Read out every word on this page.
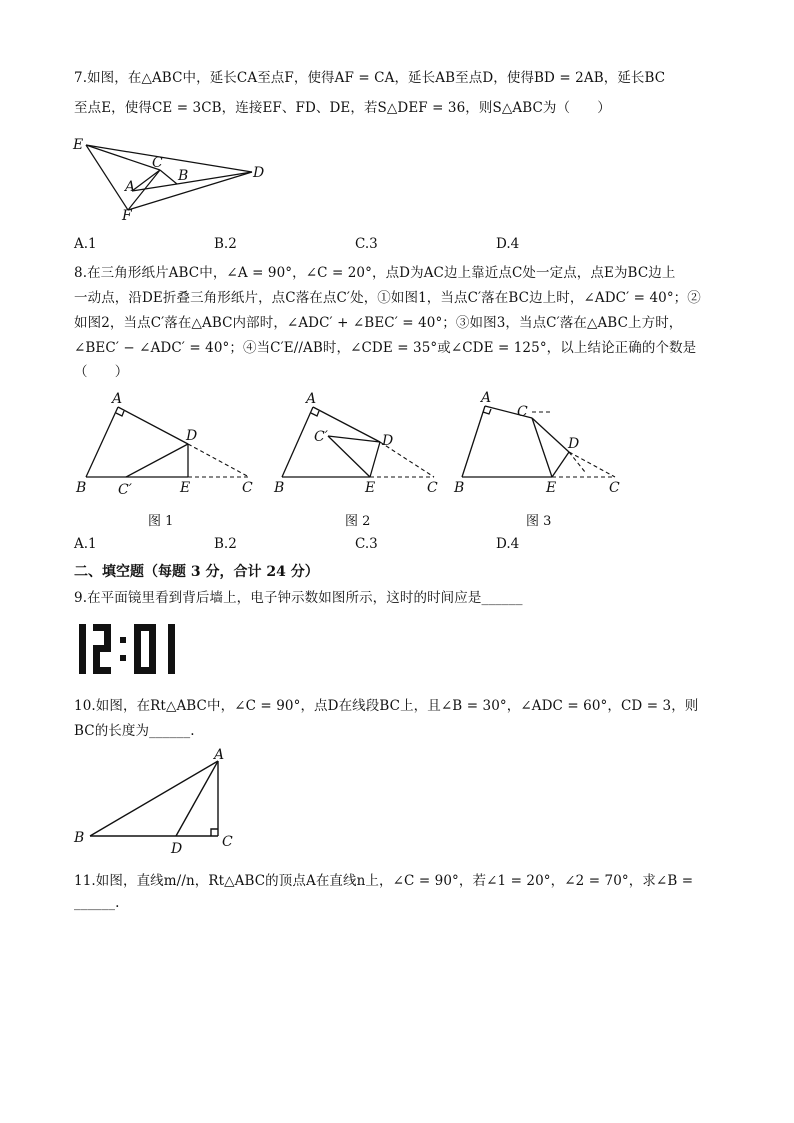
7.如图，在△ABC中，延长CA至点F，使得AF = CA，延长AB至点D，使得BD = 2AB，延长BC
至点E，使得CE = 3CB，连接EF、FD、DE，若S△DEF = 36，则S△ABC为（　　）
E
C
B
A
D
F
A.1	B.2	C.3	D.4
8.在三角形纸片ABC中，∠A = 90°，∠C = 20°，点D为AC边上靠近点C处一定点，点E为BC边上
一动点，沿DE折叠三角形纸片，点C落在点C′处，①如图1，当点C′落在BC边上时，∠ADC′ = 40°；②
如图2，当点C′落在△ABC内部时，∠ADC′ + ∠BEC′ = 40°；③如图3，当点C′落在△ABC上方时，
∠BEC′ − ∠ADC′ = 40°；④当C′E//AB时，∠CDE = 35°或∠CDE = 125°，以上结论正确的个数是
（　　）
A
D
B C′	E	C
A
C′	D
B	E	C
A
C
D
B	E	C
图 1	图 2	图 3
A.1	B.2	C.3	D.4
二、填空题（每题 3 分，合计 24 分）
9.在平面镜里看到背后墙上，电子钟示数如图所示，这时的时间应是______
10.如图，在Rt△ABC中，∠C = 90°，点D在线段BC上，且∠B = 30°，∠ADC = 60°，CD = 3，则
BC的长度为______.
A
B
D	C
11.如图，直线m//n，Rt△ABC的顶点A在直线n上，∠C = 90°，若∠1 = 20°，∠2 = 70°，求∠B =
______.
